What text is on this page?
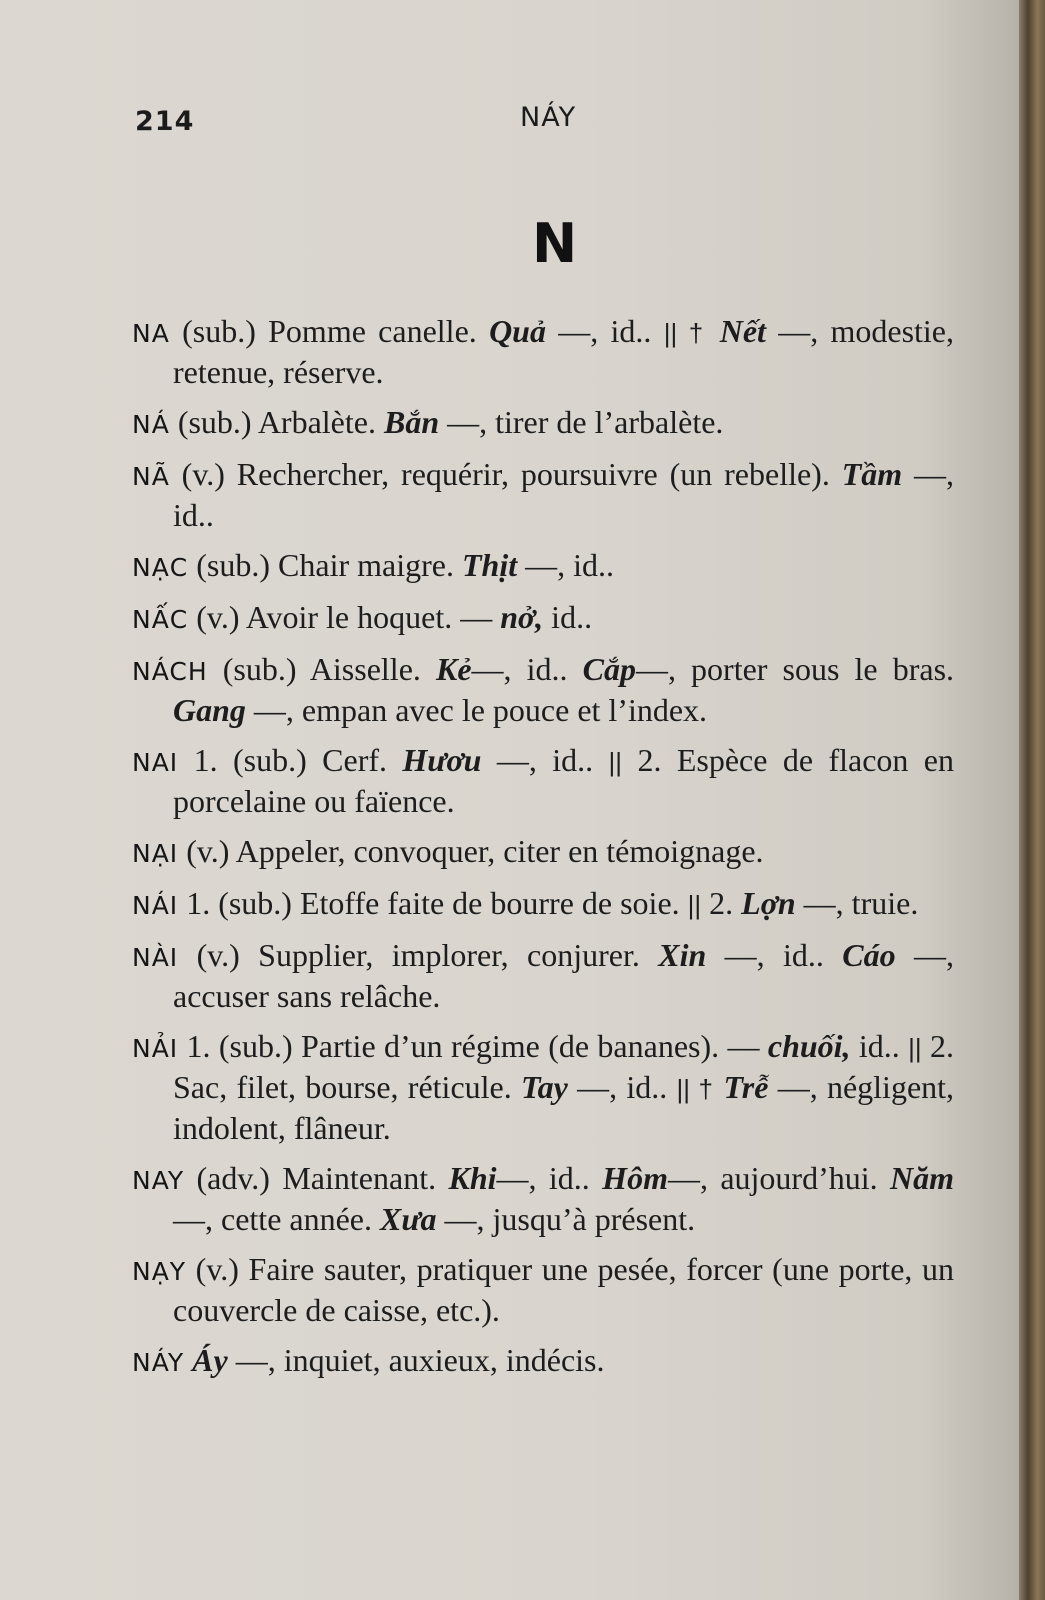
214	NÁY
N

NA (sub.) Pomme canelle. Quả —, id.. || † Nết —, modestie, retenue, réserve.

NÁ (sub.) Arbalète. Bắn —, tirer de l’arbalète.

NÃ (v.) Rechercher, requérir, poursuivre (un rebelle). Tầm —, id..

NẠC (sub.) Chair maigre. Thịt —, id..

NẤC (v.) Avoir le hoquet. — nở, id..

NÁCH (sub.) Aisselle. Kẻ—, id.. Cắp—, porter sous le bras. Gang —, empan avec le pouce et l’index.

NAI 1. (sub.) Cerf. Hươu —, id.. || 2. Espèce de flacon en porcelaine ou faïence.

NẠI (v.) Appeler, convoquer, citer en témoignage.

NÁI 1. (sub.) Etoffe faite de bourre de soie. || 2. Lợn —, truie.

NÀI (v.) Supplier, implorer, conjurer. Xin —, id.. Cáo —, accuser sans relâche.

NẢI 1. (sub.) Partie d’un régime (de bananes). — chuối, id.. || 2. Sac, filet, bourse, réticule. Tay —, id.. || † Trễ —, négligent, indolent, flâneur.

NAY (adv.) Maintenant. Khi—, id.. Hôm—, aujourd’hui. Năm —, cette année. Xưa —, jusqu’à présent.

NẠY (v.) Faire sauter, pratiquer une pesée, forcer (une porte, un couvercle de caisse, etc.).

NÁY Áy —, inquiet, auxieux, indécis.
